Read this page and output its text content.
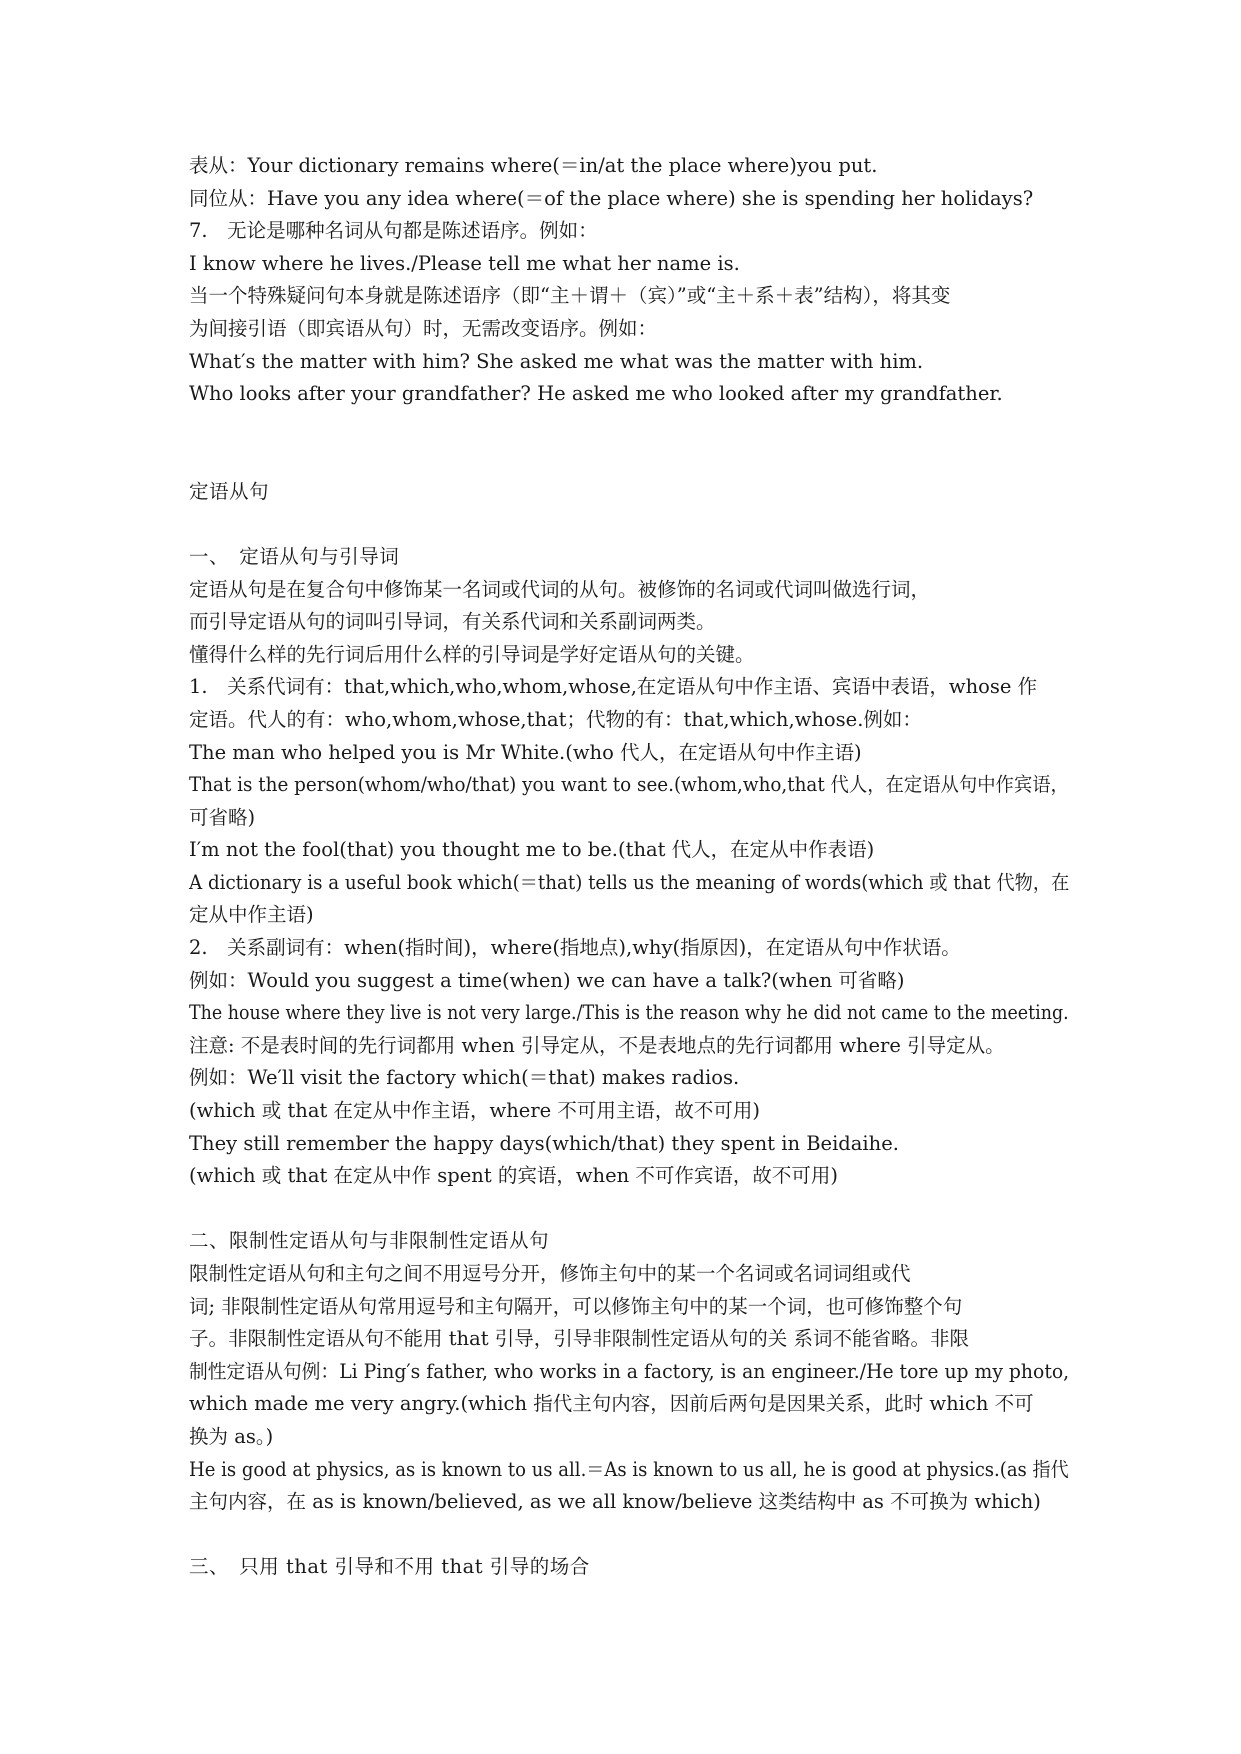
表从：Your dictionary remains where(＝in/at the place where)you put.
同位从：Have you any idea where(＝of the place where) she is spending her holidays?
7.　无论是哪种名词从句都是陈述语序。例如：
I know where he lives./Please tell me what her name is.
当一个特殊疑问句本身就是陈述语序（即“主＋谓＋（宾）”或“主＋系＋表”结构），将其变
为间接引语（即宾语从句）时，无需改变语序。例如：
What′s the matter with him? She asked me what was the matter with him.
Who looks after your grandfather? He asked me who looked after my grandfather.
定语从句
一、　定语从句与引导词
定语从句是在复合句中修饰某一名词或代词的从句。被修饰的名词或代词叫做选行词，
而引导定语从句的词叫引导词，有关系代词和关系副词两类。
懂得什么样的先行词后用什么样的引导词是学好定语从句的关键。
1.　关系代词有：that,which,who,whom,whose,在定语从句中作主语、宾语中表语，whose 作
定语。代人的有：who,whom,whose,that；代物的有：that,which,whose.例如：
The man who helped you is Mr White.(who 代人，在定语从句中作主语)
That is the person(whom/who/that) you want to see.(whom,who,that 代人，在定语从句中作宾语，
可省略)
I′m not the fool(that) you thought me to be.(that 代人，在定从中作表语)
A dictionary is a useful book which(＝that) tells us the meaning of words(which 或 that 代物，在
定从中作主语)
2.　关系副词有：when(指时间)，where(指地点),why(指原因)，在定语从句中作状语。
例如：Would you suggest a time(when) we can have a talk?(when 可省略)
The house where they live is not very large./This is the reason why he did not came to the meeting.
注意: 不是表时间的先行词都用 when 引导定从，不是表地点的先行词都用 where 引导定从。
例如：We′ll visit the factory which(＝that) makes radios.
(which 或 that 在定从中作主语，where 不可用主语，故不可用)
They still remember the happy days(which/that) they spent in Beidaihe.
(which 或 that 在定从中作 spent 的宾语，when 不可作宾语，故不可用)
二、限制性定语从句与非限制性定语从句
限制性定语从句和主句之间不用逗号分开，修饰主句中的某一个名词或名词词组或代
词; 非限制性定语从句常用逗号和主句隔开，可以修饰主句中的某一个词，也可修饰整个句
子。非限制性定语从句不能用 that 引导，引导非限制性定语从句的关 系词不能省略。非限
制性定语从句例：Li Ping′s father, who works in a factory, is an engineer./He tore up my photo,
which made me very angry.(which 指代主句内容，因前后两句是因果关系，此时 which 不可
换为 as。)
He is good at physics, as is known to us all.＝As is known to us all, he is good at physics.(as 指代
主句内容，在 as is known/believed, as we all know/believe 这类结构中 as 不可换为 which)
三、　只用 that 引导和不用 that 引导的场合
